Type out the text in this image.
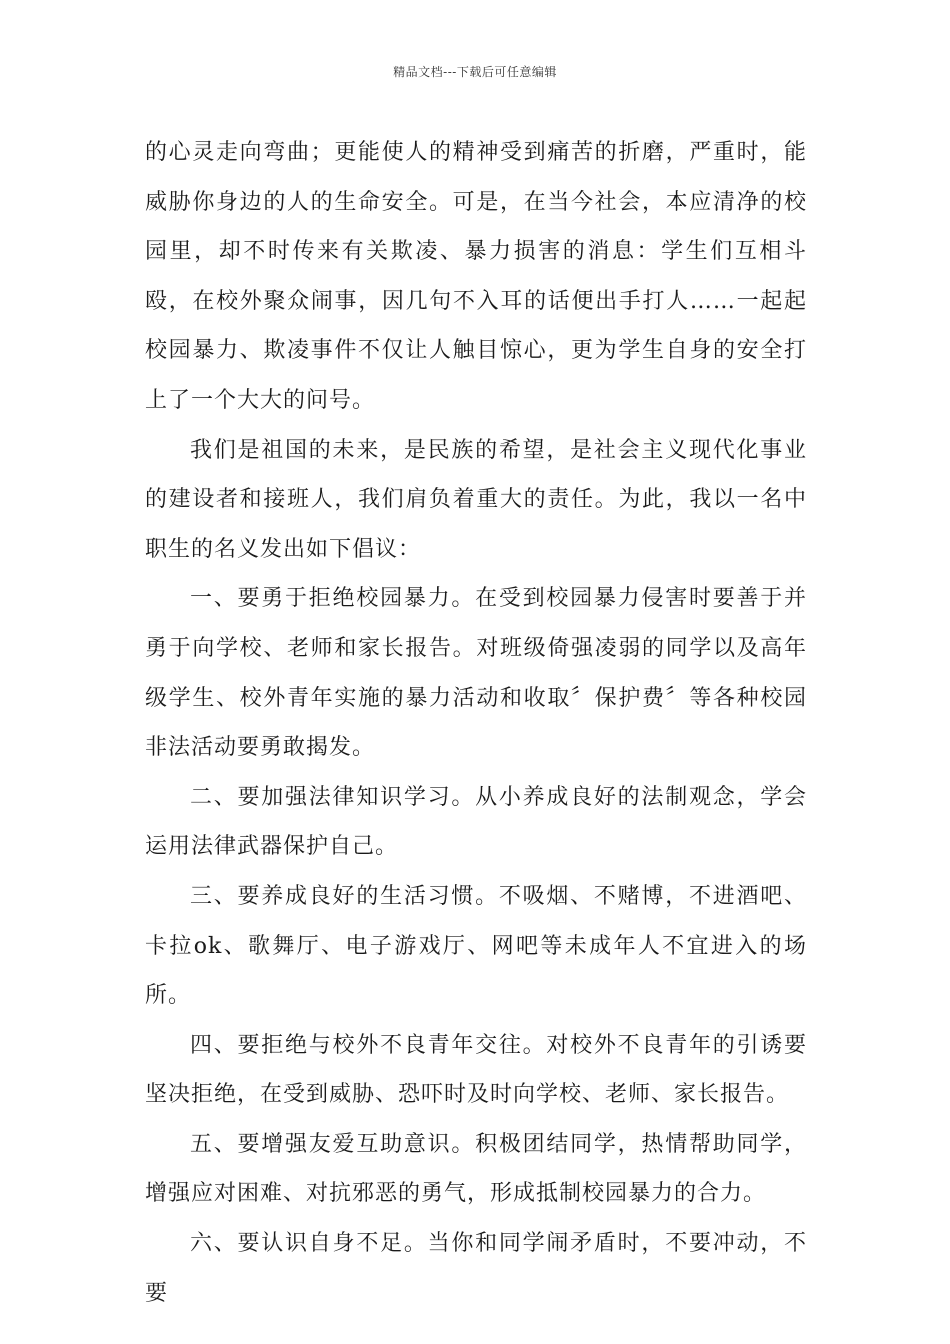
精品文档---下载后可任意编辑

的心灵走向弯曲；更能使人的精神受到痛苦的折磨，严重时，能威胁你身边的人的生命安全。可是，在当今社会，本应清净的校园里，却不时传来有关欺凌、暴力损害的消息：学生们互相斗殴，在校外聚众闹事，因几句不入耳的话便出手打人……一起起校园暴力、欺凌事件不仅让人触目惊心，更为学生自身的安全打上了一个大大的问号。

我们是祖国的未来，是民族的希望，是社会主义现代化事业的建设者和接班人，我们肩负着重大的责任。为此，我以一名中职生的名义发出如下倡议：

一、要勇于拒绝校园暴力。在受到校园暴力侵害时要善于并勇于向学校、老师和家长报告。对班级倚强凌弱的同学以及高年级学生、校外青年实施的暴力活动和收取〞保护费〞等各种校园非法活动要勇敢揭发。

二、要加强法律知识学习。从小养成良好的法制观念，学会运用法律武器保护自己。

三、要养成良好的生活习惯。不吸烟、不赌博，不进酒吧、卡拉ok、歌舞厅、电子游戏厅、网吧等未成年人不宜进入的场所。

四、要拒绝与校外不良青年交往。对校外不良青年的引诱要坚决拒绝，在受到威胁、恐吓时及时向学校、老师、家长报告。

五、要增强友爱互助意识。积极团结同学，热情帮助同学，增强应对困难、对抗邪恶的勇气，形成抵制校园暴力的合力。

六、要认识自身不足。当你和同学闹矛盾时，不要冲动，不要
